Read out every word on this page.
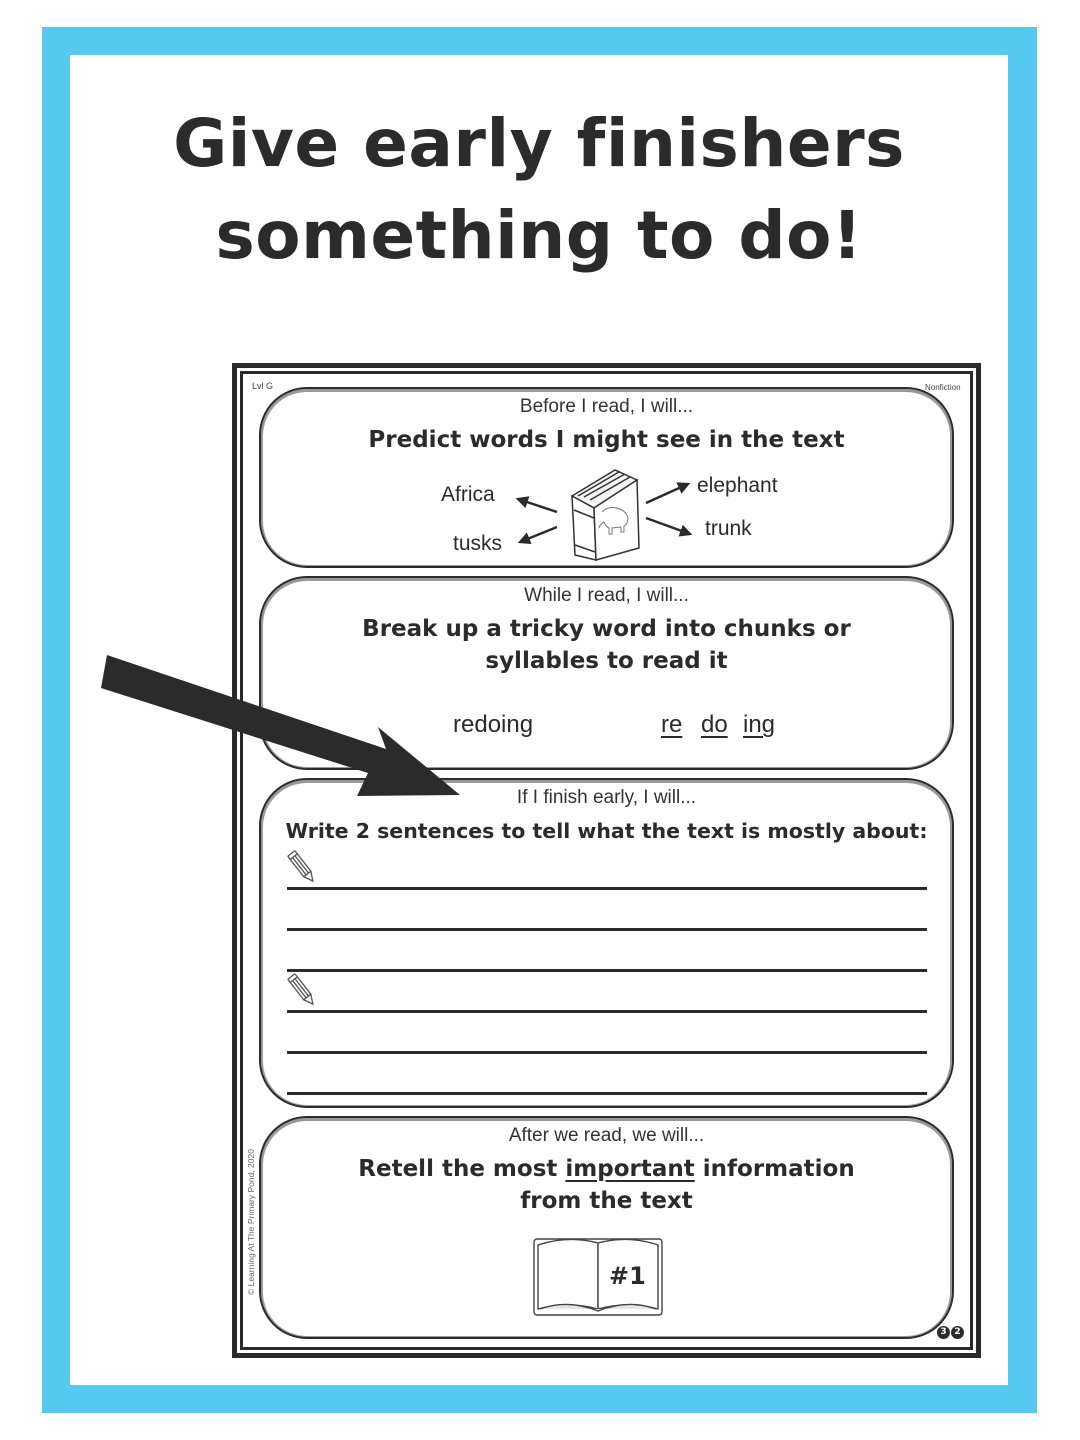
Give early finishers
something to do!
Lvl G	Nonfiction
Before I read, I will...
Predict words I might see in the text
Africa
tusks
elephant
trunk
While I read, I will...
Break up a tricky word into chunks or
syllables to read it
redoing	re do ing
If I finish early, I will...
Write 2 sentences to tell what the text is mostly about:
After we read, we will...
Retell the most important information
from the text
#1
© Learning At The Primary Pond, 2020
3 2
